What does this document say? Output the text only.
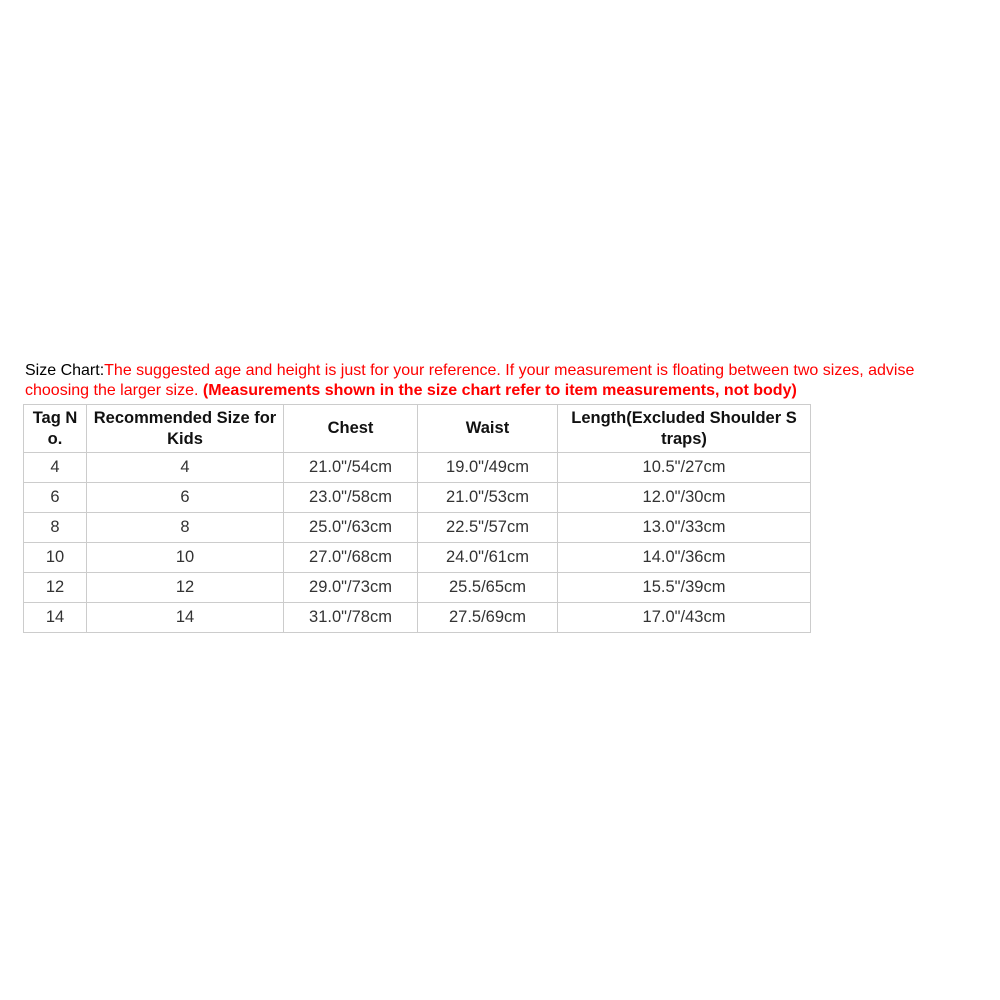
Size Chart:The suggested age and height is just for your reference. If your measurement is floating between two sizes, advise choosing the larger size. (Measurements shown in the size chart refer to item measurements, not body)

Tag No.	Recommended Size for Kids	Chest	Waist	Length(Excluded Shoulder Straps)
4	4	21.0"/54cm	19.0"/49cm	10.5"/27cm
6	6	23.0"/58cm	21.0"/53cm	12.0"/30cm
8	8	25.0"/63cm	22.5"/57cm	13.0"/33cm
10	10	27.0"/68cm	24.0"/61cm	14.0"/36cm
12	12	29.0"/73cm	25.5/65cm	15.5"/39cm
14	14	31.0"/78cm	27.5/69cm	17.0"/43cm
